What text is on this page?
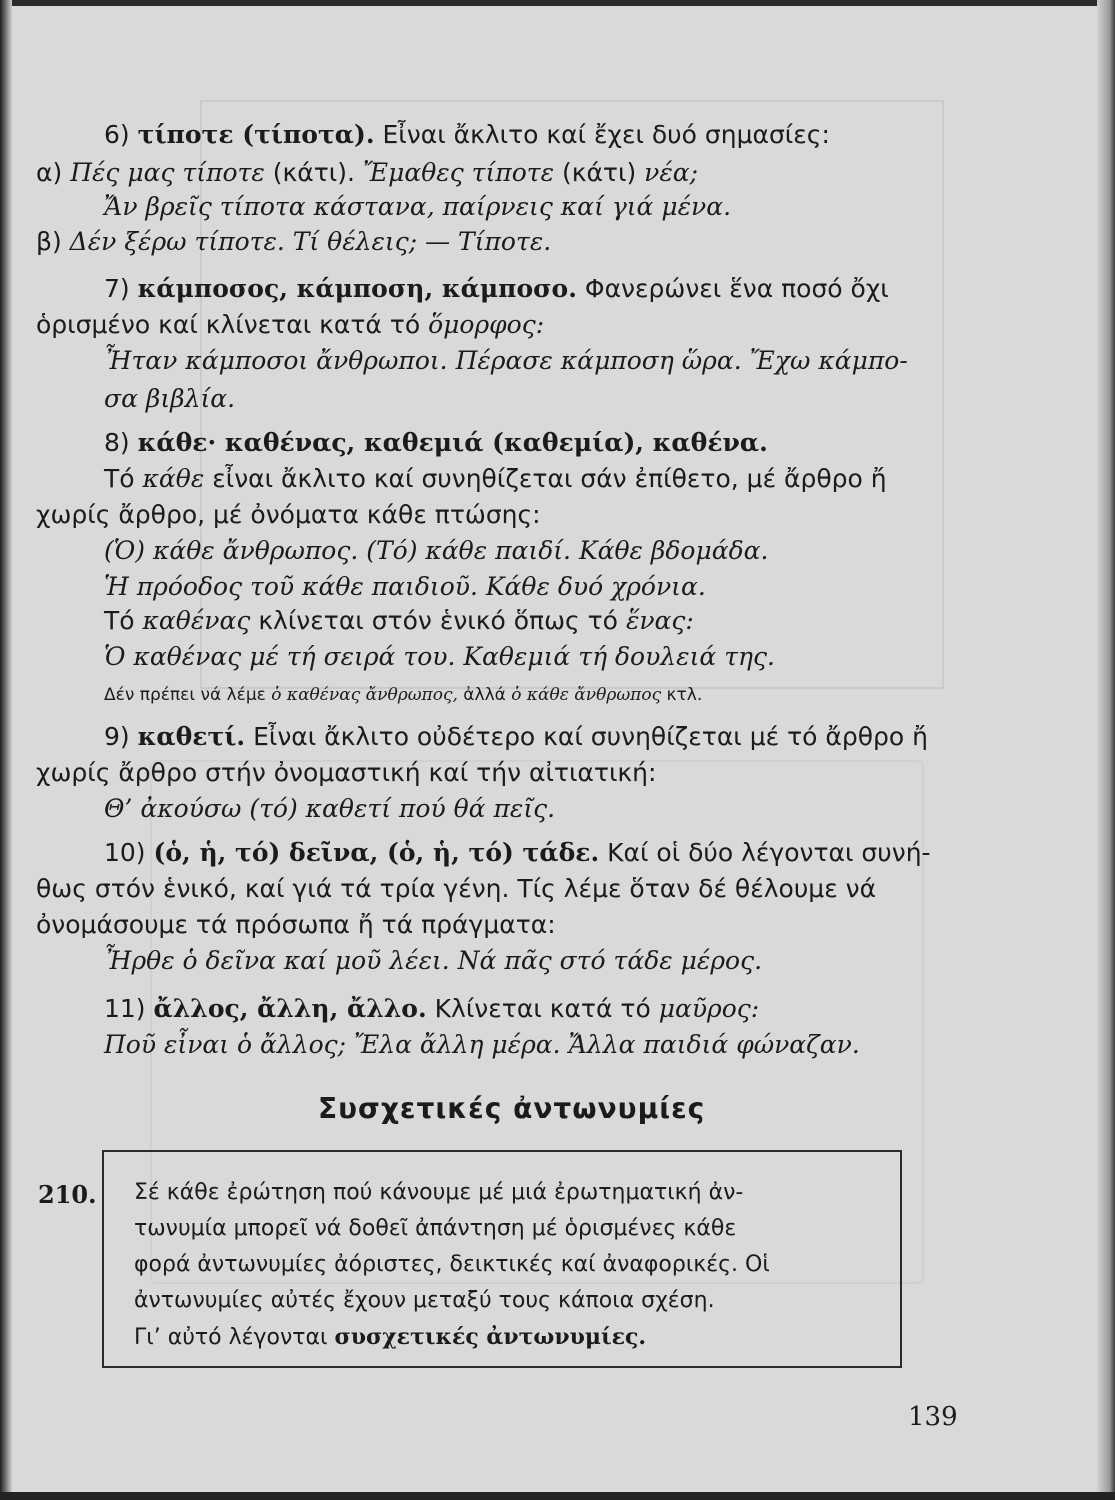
6) τίποτε (τίποτα). Εἶναι ἄκλιτο καί ἔχει δυό σημασίες:
α) Πές μας τίποτε (κάτι). Ἔμαθες τίποτε (κάτι) νέα;
Ἄν βρεῖς τίποτα κάστανα, παίρνεις καί γιά μένα.
β) Δέν ξέρω τίποτε. Τί θέλεις; — Τίποτε.
7) κάμποσος, κάμποση, κάμποσο. Φανερώνει ἕνα ποσό ὄχι
ὁρισμένο καί κλίνεται κατά τό ὅμορφος:
Ἦταν κάμποσοι ἄνθρωποι. Πέρασε κάμποση ὥρα. Ἔχω κάμπο-
σα βιβλία.
8) κάθε· καθένας, καθεμιά (καθεμία), καθένα.
Τό κάθε εἶναι ἄκλιτο καί συνηθίζεται σάν ἐπίθετο, μέ ἄρθρο ἤ
χωρίς ἄρθρο, μέ ὀνόματα κάθε πτώσης:
(Ὁ) κάθε ἄνθρωπος. (Τό) κάθε παιδί. Κάθε βδομάδα.
Ἡ πρόοδος τοῦ κάθε παιδιοῦ. Κάθε δυό χρόνια.
Τό καθένας κλίνεται στόν ἑνικό ὅπως τό ἕνας:
Ὁ καθένας μέ τή σειρά του. Καθεμιά τή δουλειά της.
Δέν πρέπει νά λέμε ὁ καθένας ἄνθρωπος, ἀλλά ὁ κάθε ἄνθρωπος κτλ.
9) καθετί. Εἶναι ἄκλιτο οὐδέτερο καί συνηθίζεται μέ τό ἄρθρο ἤ
χωρίς ἄρθρο στήν ὀνομαστική καί τήν αἰτιατική:
Θ’ ἀκούσω (τό) καθετί πού θά πεῖς.
10) (ὁ, ἡ, τό) δεῖνα, (ὁ, ἡ, τό) τάδε. Καί οἱ δύο λέγονται συνή-
θως στόν ἑνικό, καί γιά τά τρία γένη. Τίς λέμε ὅταν δέ θέλουμε νά
ὀνομάσουμε τά πρόσωπα ἤ τά πράγματα:
Ἦρθε ὁ δεῖνα καί μοῦ λέει. Νά πᾶς στό τάδε μέρος.
11) ἄλλος, ἄλλη, ἄλλο. Κλίνεται κατά τό μαῦρος:
Ποῦ εἶναι ὁ ἄλλος; Ἔλα ἄλλη μέρα. Ἄλλα παιδιά φώναζαν.
Συσχετικές ἀντωνυμίες
210. Σέ κάθε ἐρώτηση πού κάνουμε μέ μιά ἐρωτηματική ἀν-
τωνυμία μπορεῖ νά δοθεῖ ἀπάντηση μέ ὁρισμένες κάθε
φορά ἀντωνυμίες ἀόριστες, δεικτικές καί ἀναφορικές. Οἱ
ἀντωνυμίες αὐτές ἔχουν μεταξύ τους κάποια σχέση.
Γι’ αὐτό λέγονται συσχετικές ἀντωνυμίες.
139
